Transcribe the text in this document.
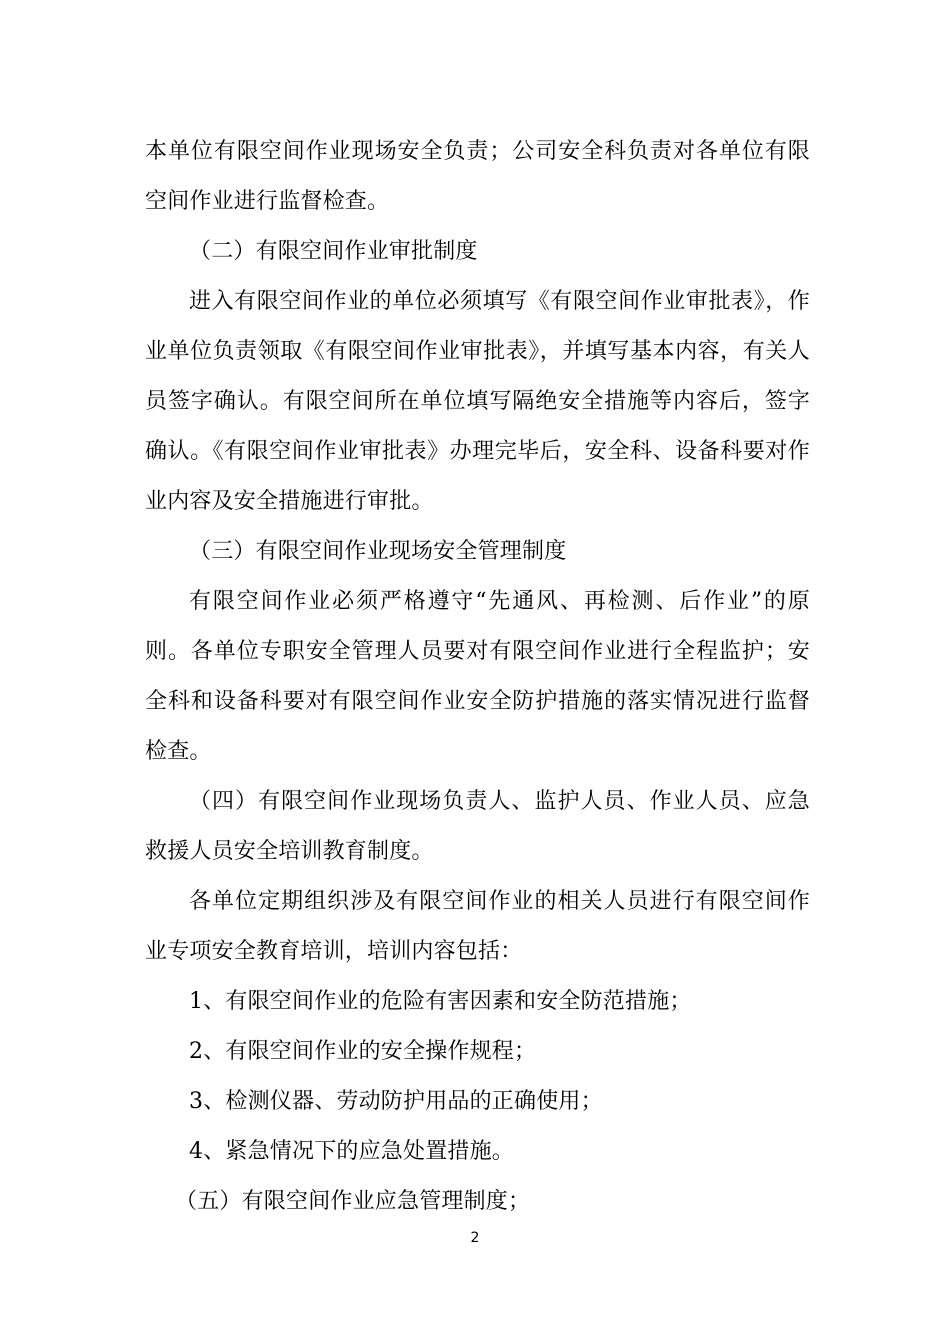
本单位有限空间作业现场安全负责；公司安全科负责对各单位有限空间作业进行监督检查。

（二）有限空间作业审批制度

进入有限空间作业的单位必须填写《有限空间作业审批表》，作业单位负责领取《有限空间作业审批表》，并填写基本内容，有关人员签字确认。有限空间所在单位填写隔绝安全措施等内容后，签字确认。《有限空间作业审批表》办理完毕后，安全科、设备科要对作业内容及安全措施进行审批。

（三）有限空间作业现场安全管理制度

有限空间作业必须严格遵守“先通风、再检测、后作业”的原则。各单位专职安全管理人员要对有限空间作业进行全程监护；安全科和设备科要对有限空间作业安全防护措施的落实情况进行监督检查。

（四）有限空间作业现场负责人、监护人员、作业人员、应急救援人员安全培训教育制度。

各单位定期组织涉及有限空间作业的相关人员进行有限空间作业专项安全教育培训，培训内容包括：

1、有限空间作业的危险有害因素和安全防范措施；

2、有限空间作业的安全操作规程；

3、检测仪器、劳动防护用品的正确使用；

4、紧急情况下的应急处置措施。

（五）有限空间作业应急管理制度；

2
